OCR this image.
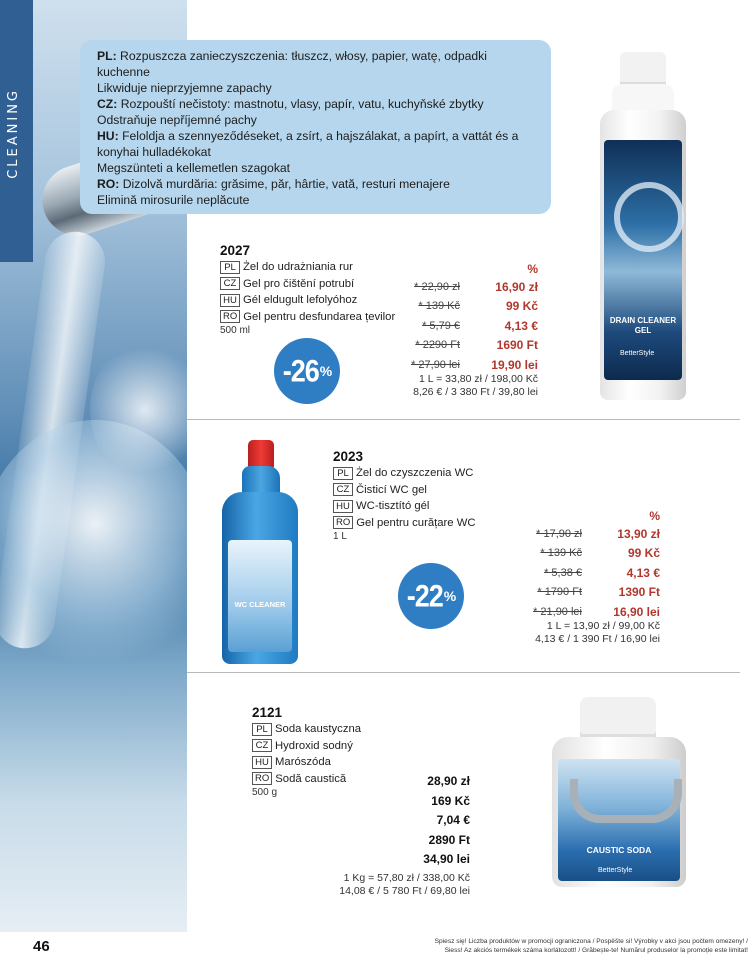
CLEANING

PL: Rozpuszcza zanieczyszczenia: tłuszcz, włosy, papier, watę, odpadki kuchenne

Likwiduje nieprzyjemne zapachy

CZ: Rozpouští nečistoty: mastnotu, vlasy, papír, vatu, kuchyňské zbytky

Odstraňuje nepříjemné pachy

HU: Feloldja a szennyeződéseket, a zsírt, a hajszálakat, a papírt, a vattát és a konyhai hulladékokat

Megszünteti a kellemetlen szagokat

RO: Dizolvă murdăria: grăsime, păr, hârtie, vată, resturi menajere

Elimină mirosurile neplăcute

2027
PL Żel do udrażniania rur
CZ Gel pro čištění potrubí
HU Gél eldugult lefolyóhoz
RO Gel pentru desfundarea țevilor
500 ml
-26 %
%
* 22,90 zł	16,90 zł
* 139 Kč	99 Kč
* 5,79 €	4,13 €
* 2290 Ft	1690 Ft
* 27,90 lei	19,90 lei
1 L = 33,80 zł / 198,00 Kč
8,26 € / 3 380 Ft / 39,80 lei
DRAIN CLEANER GEL
BetterStyle
2023
PL Żel do czyszczenia WC
CZ Čisticí WC gel
HU WC-tisztító gél
RO Gel pentru curățare WC
1 L
-22 %
%
* 17,90 zł	13,90 zł
* 139 Kč	99 Kč
* 5,38 €	4,13 €
* 1790 Ft	1390 Ft
* 21,90 lei	16,90 lei
1 L = 13,90 zł / 99,00 Kč
4,13 € / 1 390 Ft / 16,90 lei
WC CLEANER
2121
PL Soda kaustyczna
CZ Hydroxid sodný
HU Marószóda
RO Sodă caustică
500 g
28,90 zł
169 Kč
7,04 €
2890 Ft
34,90 lei
1 Kg = 57,80 zł / 338,00 Kč
14,08 € / 5 780 Ft / 69,80 lei
CAUSTIC SODA
BetterStyle
46	Spiesz się! Liczba produktów w promocji ograniczona / Pospěšte si! Výrobky v akci jsou počtem omezeny! /
Siess! Az akciós termékek száma korlátozott! / Grăbește-te! Numărul produselor la promoție este limitat!
